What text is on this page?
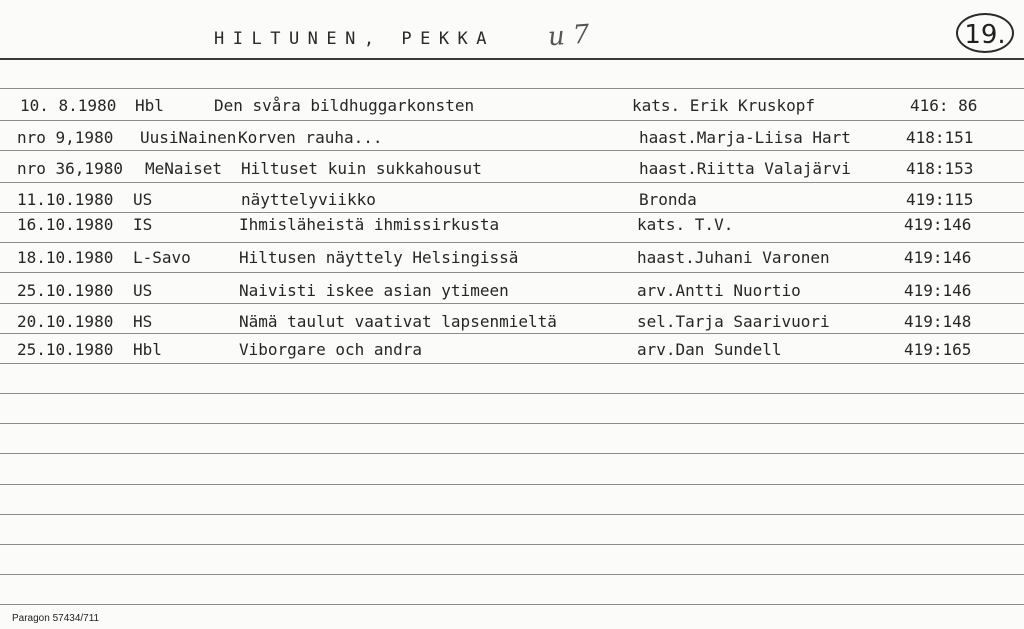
HILTUNEN, PEKKA u 7	19.
10. 8.1980 Hbl	Den svåra bildhuggarkonsten	kats. Erik Kruskopf	416: 86
nro 9,1980 UusiNainen Korven rauha...	haast.Marja-Liisa Hart	418:151
nro 36,1980 MeNaiset Hiltuset kuin sukkahousut	haast.Riitta Valajärvi	418:153
11.10.1980 US	näyttelyviikko	Bronda	419:115
16.10.1980 IS	Ihmisläheistä ihmissirkusta	kats. T.V.	419:146
18.10.1980 L-Savo	Hiltusen näyttely Helsingissä	haast.Juhani Varonen	419:146
25.10.1980 US	Naivisti iskee asian ytimeen	arv.Antti Nuortio	419:146
20.10.1980 HS	Nämä taulut vaativat lapsenmieltä	sel.Tarja Saarivuori	419:148
25.10.1980 Hbl	Viborgare och andra	arv.Dan Sundell	419:165
Paragon 57434/711
